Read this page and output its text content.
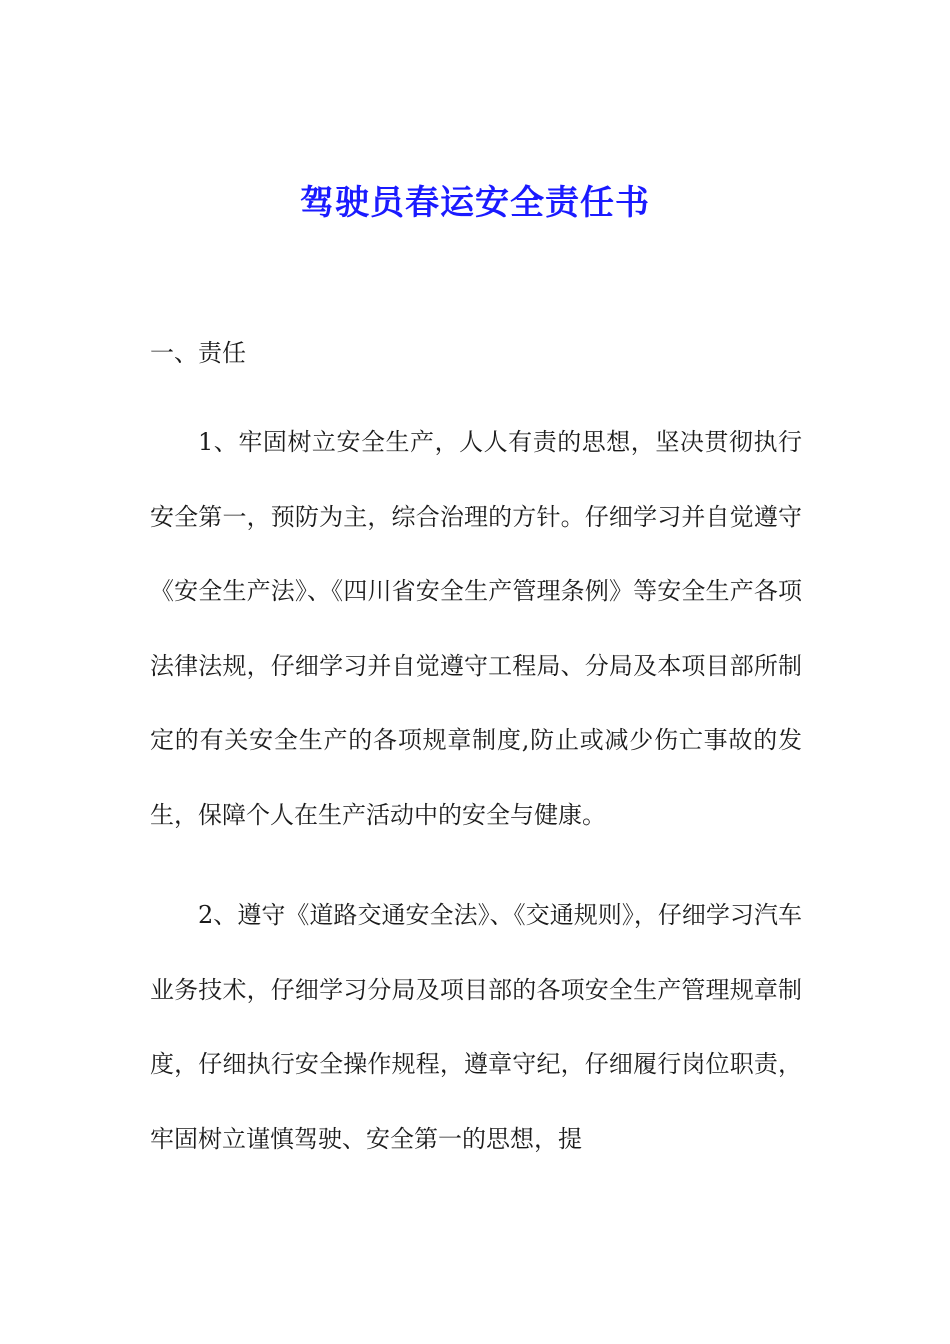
驾驶员春运安全责任书
一、责任

1、牢固树立安全生产，人人有责的思想，坚决贯彻执行安全第一，预防为主，综合治理的方针。仔细学习并自觉遵守《安全生产法》、《四川省安全生产管理条例》等安全生产各项法律法规，仔细学习并自觉遵守工程局、分局及本项目部所制定的有关安全生产的各项规章制度,防止或减少伤亡事故的发生，保障个人在生产活动中的安全与健康。

2、遵守《道路交通安全法》、《交通规则》，仔细学习汽车业务技术，仔细学习分局及项目部的各项安全生产管理规章制度，仔细执行安全操作规程，遵章守纪，仔细履行岗位职责，牢固树立谨慎驾驶、安全第一的思想，提
